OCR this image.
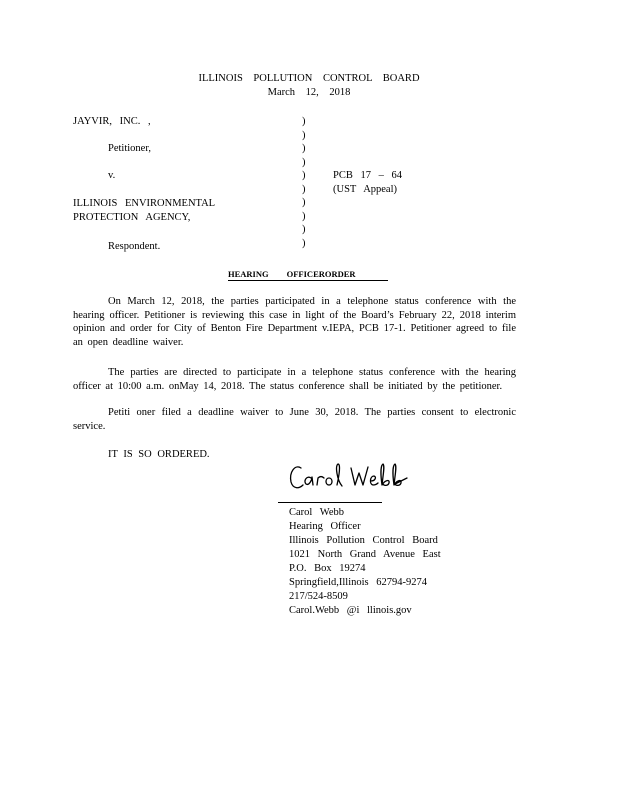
ILLINOIS POLLUTION CONTROL BOARD
March 12, 2018
JAYVIR, INC. ,
Petitioner,
v.
ILLINOIS ENVIRONMENTAL
PROTECTION AGENCY,
Respondent.
)
)
)
)
)
)
)
)
)
)
PCB 17 – 64
(UST Appeal)
HEARING OFFICERORDER
On March 12, 2018, the parties participated in a telephone status conference with the hearing officer. Petitioner is reviewing this case in light of the Board’s February 22, 2018 interim opinion and order for City of Benton Fire Department v.IEPA, PCB 17-1. Petitioner agreed to file an open deadline waiver.
The parties are directed to participate in a telephone status conference with the hearing officer at 10:00 a.m. onMay 14, 2018. The status conference shall be initiated by the petitioner.
Petiti oner filed a deadline waiver to June 30, 2018. The parties consent to electronic service.
IT IS SO ORDERED.
Carol Webb
Hearing Officer
Illinois Pollution Control Board
1021 North Grand Avenue East
P.O. Box 19274
Springfield,Illinois 62794-9274
217/524-8509
Carol.Webb @i llinois.gov
